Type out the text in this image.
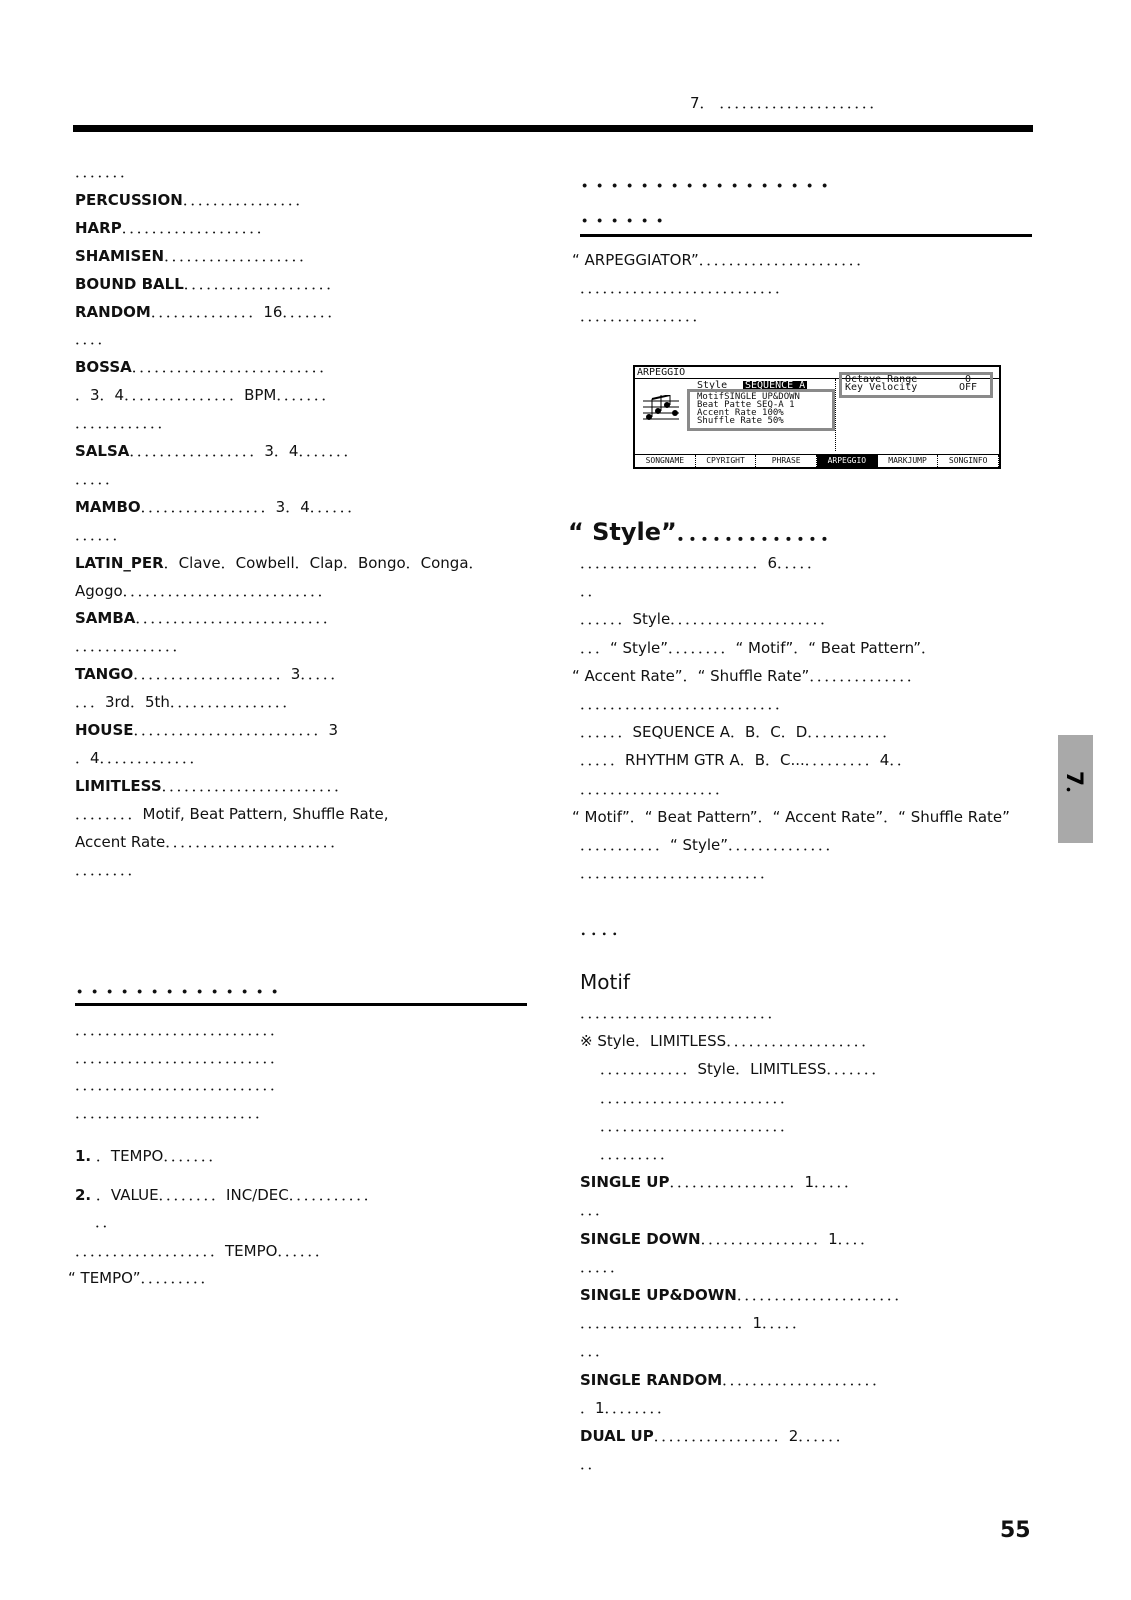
7． ．．．．．．．．．．．．．．．．．．．．．
．．．．．．．
PERCUSSION．．．．．．．．．．．．．．．．
HARP．．．．．．．．．．．．．．．．．．．
SHAMISEN．．．．．．．．．．．．．．．．．．．
BOUND BALL．．．．．．．．．．．．．．．．．．．．
RANDOM．．．．．．．．．．．．．．16．．．．．．．
．．．．
BOSSA．．．．．．．．．．．．．．．．．．．．．．．．．．
．3．4．．．．．．．．．．．．．．．BPM．．．．．．．
．．．．．．．．．．．．
SALSA．．．．．．．．．．．．．．．．．3．4．．．．．．．
．．．．．
MAMBO．．．．．．．．．．．．．．．．．3．4．．．．．．
．．．．．．
LATIN_PER．Clave．Cowbell．Clap．Bongo．Conga．
Agogo．．．．．．．．．．．．．．．．．．．．．．．．．．．
SAMBA．．．．．．．．．．．．．．．．．．．．．．．．．．
．．．．．．．．．．．．．．
TANGO．．．．．．．．．．．．．．．．．．．．3．．．．．
．．．3rd．5th．．．．．．．．．．．．．．．．
HOUSE．．．．．．．．．．．．．．．．．．．．．．．．．3
．4．．．．．．．．．．．．．
LIMITLESS．．．．．．．．．．．．．．．．．．．．．．．．
．．．．．．．．Motif, Beat Pattern, Shuffle Rate,
Accent Rate．．．．．．．．．．．．．．．．．．．．．．．
．．．．．．．．
．．．．．．．．．．．．．．
．．．．．．．．．．．．．．．．．．．．．．．．．．．
．．．．．．．．．．．．．．．．．．．．．．．．．．．
．．．．．．．．．．．．．．．．．．．．．．．．．．．
．．．．．．．．．．．．．．．．．．．．．．．．．
1. ．TEMPO．．．．．．．
2. ．VALUE．．．．．．．．INC/DEC．．．．．．．．．．．
．．
．．．．．．．．．．．．．．．．．．．TEMPO．．．．．．
“ TEMPO”．．．．．．．．．
．．．．．．．．．．．．．．．．．
．．．．．．
“ ARPEGGIATOR”．．．．．．．．．．．．．．．．．．．．．．
．．．．．．．．．．．．．．．．．．．．．．．．．．．
．．．．．．．．．．．．．．．．
ARPEGGIO
Style SEQUENCE A
MotifSINGLE UP&DOWN
Beat Patte SEQ-A 1
Accent Rate 100%
Shuffle Rate 50%
Octave Range	0
Key Velocity	OFF
SONGNAME	CPYRIGHT	PHRASE	ARPEGGIO	MARKJUMP	SONGINFO
“ Style”．．．．．．．．．．．．．
．．．．．．．．．．．．．．．．．．．．．．．．6．．．．．
．．
．．．．．．Style．．．．．．．．．．．．．．．．．．．．．
．．．“ Style”．．．．．．．．“ Motif”．“ Beat Pattern”．
“ Accent Rate”．“ Shuffle Rate”．．．．．．．．．．．．．．
．．．．．．．．．．．．．．．．．．．．．．．．．．．
．．．．．．SEQUENCE A．B．C．D．．．．．．．．．．．
．．．．．RHYTHM GTR A．B．C...．．．．．．．．．4．．
．．．．．．．．．．．．．．．．．．．
“ Motif”．“ Beat Pattern”．“ Accent Rate”．“ Shuffle Rate”
．．．．．．．．．．．“ Style”．．．．．．．．．．．．．．
．．．．．．．．．．．．．．．．．．．．．．．．．
．．．．
Motif
．．．．．．．．．．．．．．．．．．．．．．．．．．
※ Style．LIMITLESS．．．．．．．．．．．．．．．．．．．
．．．．．．．．．．．．Style．LIMITLESS．．．．．．．
．．．．．．．．．．．．．．．．．．．．．．．．．
．．．．．．．．．．．．．．．．．．．．．．．．．
．．．．．．．．．
SINGLE UP．．．．．．．．．．．．．．．．．1．．．．．
．．．
SINGLE DOWN．．．．．．．．．．．．．．．．1．．．．
．．．．．
SINGLE UP&DOWN．．．．．．．．．．．．．．．．．．．．．．
．．．．．．．．．．．．．．．．．．．．．．1．．．．．
．．．
SINGLE RANDOM．．．．．．．．．．．．．．．．．．．．．
．1．．．．．．．．
DUAL UP．．．．．．．．．．．．．．．．．2．．．．．．
．．
7．
55
